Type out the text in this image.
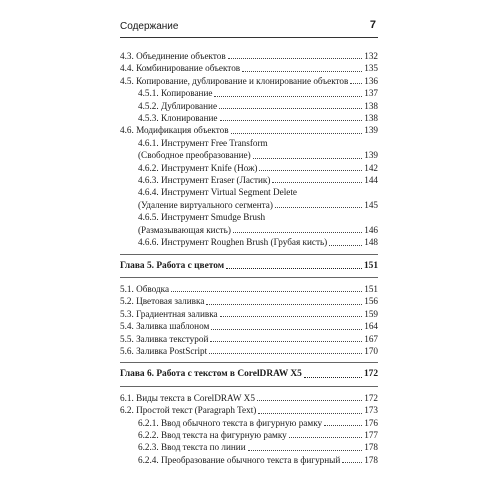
Содержание	7
4.3. Объединение объектов	132
4.4. Комбинирование объектов	135
4.5. Копирование, дублирование и клонирование объектов 136
4.5.1. Копирование	137
4.5.2. Дублирование	138
4.5.3. Клонирование	138
4.6. Модификация объектов	139
4.6.1. Инструмент Free Transform
(Свободное преобразование)	139
4.6.2. Инструмент Knife (Нож)	142
4.6.3. Инструмент Eraser (Ластик)	144
4.6.4. Инструмент Virtual Segment Delete
(Удаление виртуального сегмента)	145
4.6.5. Инструмент Smudge Brush
(Размазывающая кисть)	146
4.6.6. Инструмент Roughen Brush (Грубая кисть)	148
Глава 5. Работа с цветом	151
5.1. Обводка	151
5.2. Цветовая заливка	156
5.3. Градиентная заливка	159
5.4. Заливка шаблоном	164
5.5. Заливка текстурой	167
5.6. Заливка PostScript	170
Глава 6. Работа с текстом в CorelDRAW X5	172
6.1. Виды текста в CorelDRAW X5	172
6.2. Простой текст (Paragraph Text)	173
6.2.1. Ввод обычного текста в фигурную рамку	176
6.2.2. Ввод текста на фигурную рамку	177
6.2.3. Ввод текста по линии	178
6.2.4. Преобразование обычного текста в фигурный	178
